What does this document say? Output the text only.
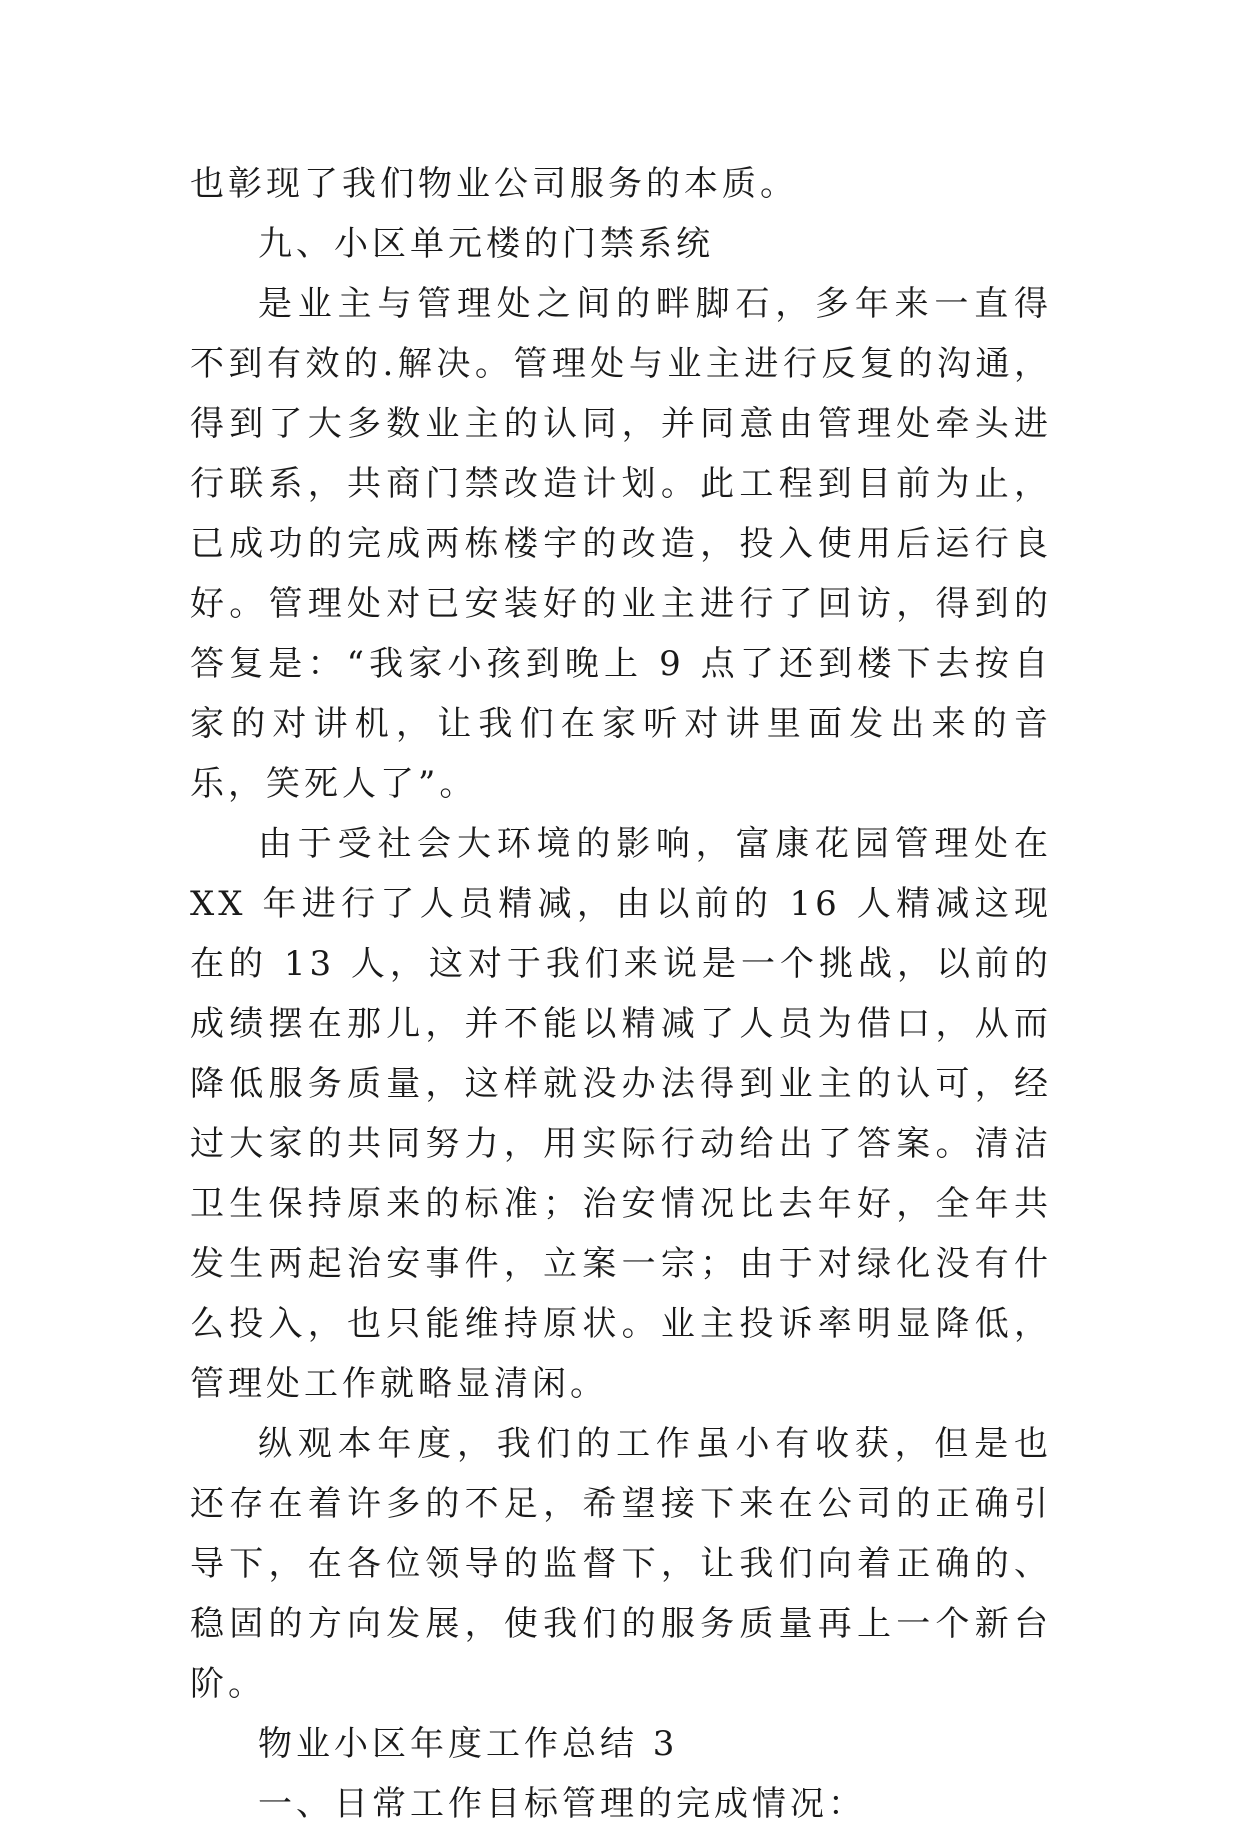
也彰现了我们物业公司服务的本质。

九、小区单元楼的门禁系统

是业主与管理处之间的畔脚石，多年来一直得不到有效的.解决。管理处与业主进行反复的沟通，得到了大多数业主的认同，并同意由管理处牵头进行联系，共商门禁改造计划。此工程到目前为止，已成功的完成两栋楼宇的改造，投入使用后运行良好。管理处对已安装好的业主进行了回访，得到的答复是：“我家小孩到晚上 9 点了还到楼下去按自家的对讲机，让我们在家听对讲里面发出来的音乐，笑死人了”。

由于受社会大环境的影响，富康花园管理处在 XX 年进行了人员精减，由以前的 16 人精减这现在的 13 人，这对于我们来说是一个挑战，以前的成绩摆在那儿，并不能以精减了人员为借口，从而降低服务质量，这样就没办法得到业主的认可，经过大家的共同努力，用实际行动给出了答案。清洁卫生保持原来的标准；治安情况比去年好，全年共发生两起治安事件，立案一宗；由于对绿化没有什么投入，也只能维持原状。业主投诉率明显降低，管理处工作就略显清闲。

纵观本年度，我们的工作虽小有收获，但是也还存在着许多的不足，希望接下来在公司的正确引导下，在各位领导的监督下，让我们向着正确的、稳固的方向发展，使我们的服务质量再上一个新台阶。

物业小区年度工作总结 3

一、日常工作目标管理的完成情况：
